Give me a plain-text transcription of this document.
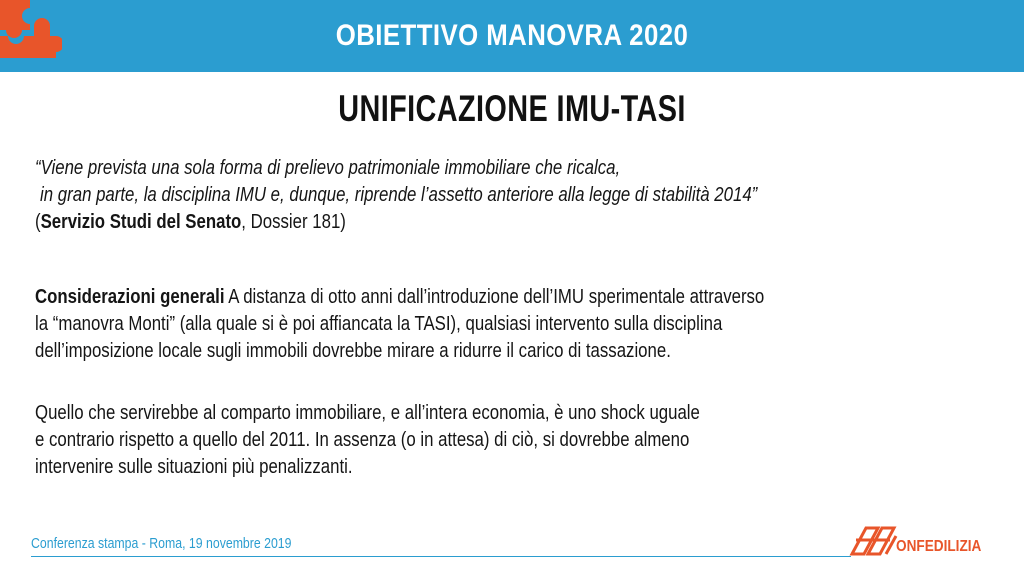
OBIETTIVO MANOVRA 2020
UNIFICAZIONE IMU-TASI
“Viene prevista una sola forma di prelievo patrimoniale immobiliare che ricalca,
in gran parte, la disciplina IMU e, dunque, riprende l’assetto anteriore alla legge di stabilità 2014”
(Servizio Studi del Senato, Dossier 181)
Considerazioni generali A distanza di otto anni dall’introduzione dell’IMU sperimentale attraverso
la “manovra Monti” (alla quale si è poi affiancata la TASI), qualsiasi intervento sulla disciplina
dell’imposizione locale sugli immobili dovrebbe mirare a ridurre il carico di tassazione.
Quello che servirebbe al comparto immobiliare, e all’intera economia, è uno shock uguale
e contrario rispetto a quello del 2011. In assenza (o in attesa) di ciò, si dovrebbe almeno
intervenire sulle situazioni più penalizzanti.
Conferenza stampa - Roma, 19 novembre 2019	ONFEDILIZIA
